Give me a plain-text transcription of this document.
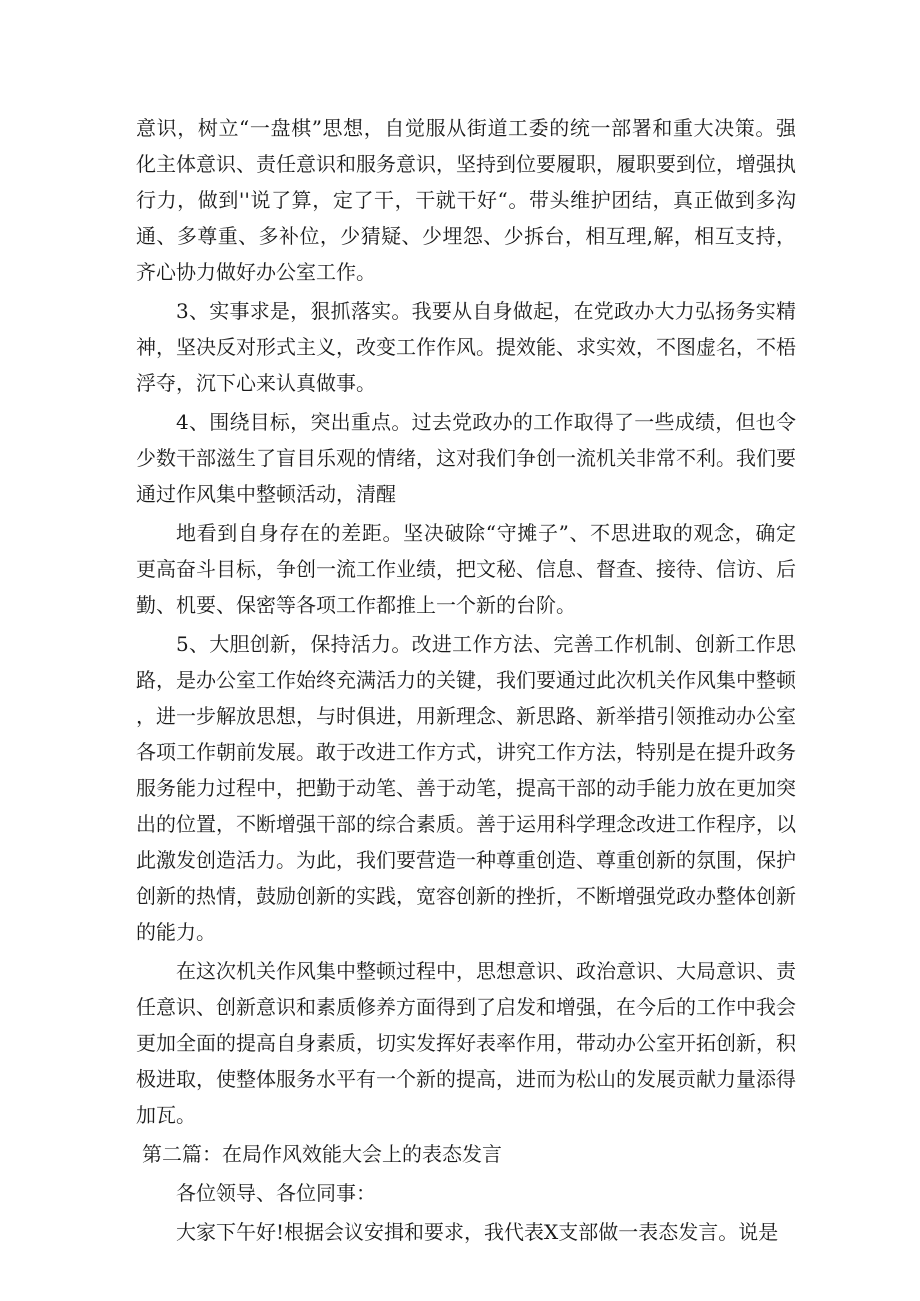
意识，树立“一盘棋”思想，自觉服从街道工委的统一部署和重大决策。强化主体意识、责任意识和服务意识，坚持到位要履职，履职要到位，增强执行力，做到''说了算，定了干，干就干好“。带头维护团结，真正做到多沟通、多尊重、多补位，少猜疑、少埋怨、少拆台，相互理,解，相互支持，齐心协力做好办公室工作。

3、实事求是，狠抓落实。我要从自身做起，在党政办大力弘扬务实精神，坚决反对形式主义，改变工作作风。提效能、求实效，不图虚名，不梧浮夺，沉下心来认真做事。

4、围绕目标，突出重点。过去党政办的工作取得了一些成绩，但也令少数干部滋生了盲目乐观的情绪，这对我们争创一流机关非常不利。我们要通过作风集中整顿活动，清醒

地看到自身存在的差距。坚决破除“守摊子”、不思进取的观念，确定更高奋斗目标，争创一流工作业绩，把文秘、信息、督查、接待、信访、后勤、机要、保密等各项工作都推上一个新的台阶。

5、大胆创新，保持活力。改进工作方法、完善工作机制、创新工作思路，是办公室工作始终充满活力的关键，我们要通过此次机关作风集中整顿，进一步解放思想，与时俱进，用新理念、新思路、新举措引领推动办公室各项工作朝前发展。敢于改进工作方式，讲究工作方法，特别是在提升政务服务能力过程中，把勤于动笔、善于动笔，提高干部的动手能力放在更加突出的位置，不断增强干部的综合素质。善于运用科学理念改进工作程序，以此激发创造活力。为此，我们要营造一种尊重创造、尊重创新的氛围，保护创新的热情，鼓励创新的实践，宽容创新的挫折，不断增强党政办整体创新的能力。

在这次机关作风集中整顿过程中，思想意识、政治意识、大局意识、责任意识、创新意识和素质修养方面得到了启发和增强，在今后的工作中我会更加全面的提高自身素质，切实发挥好表率作用，带动办公室开拓创新，积极进取，使整体服务水平有一个新的提高，进而为松山的发展贡献力量添得加瓦。

第二篇：在局作风效能大会上的表态发言

各位领导、各位同事：

大家下午好!根据会议安揖和要求，我代表X支部做一表态发言。说是
